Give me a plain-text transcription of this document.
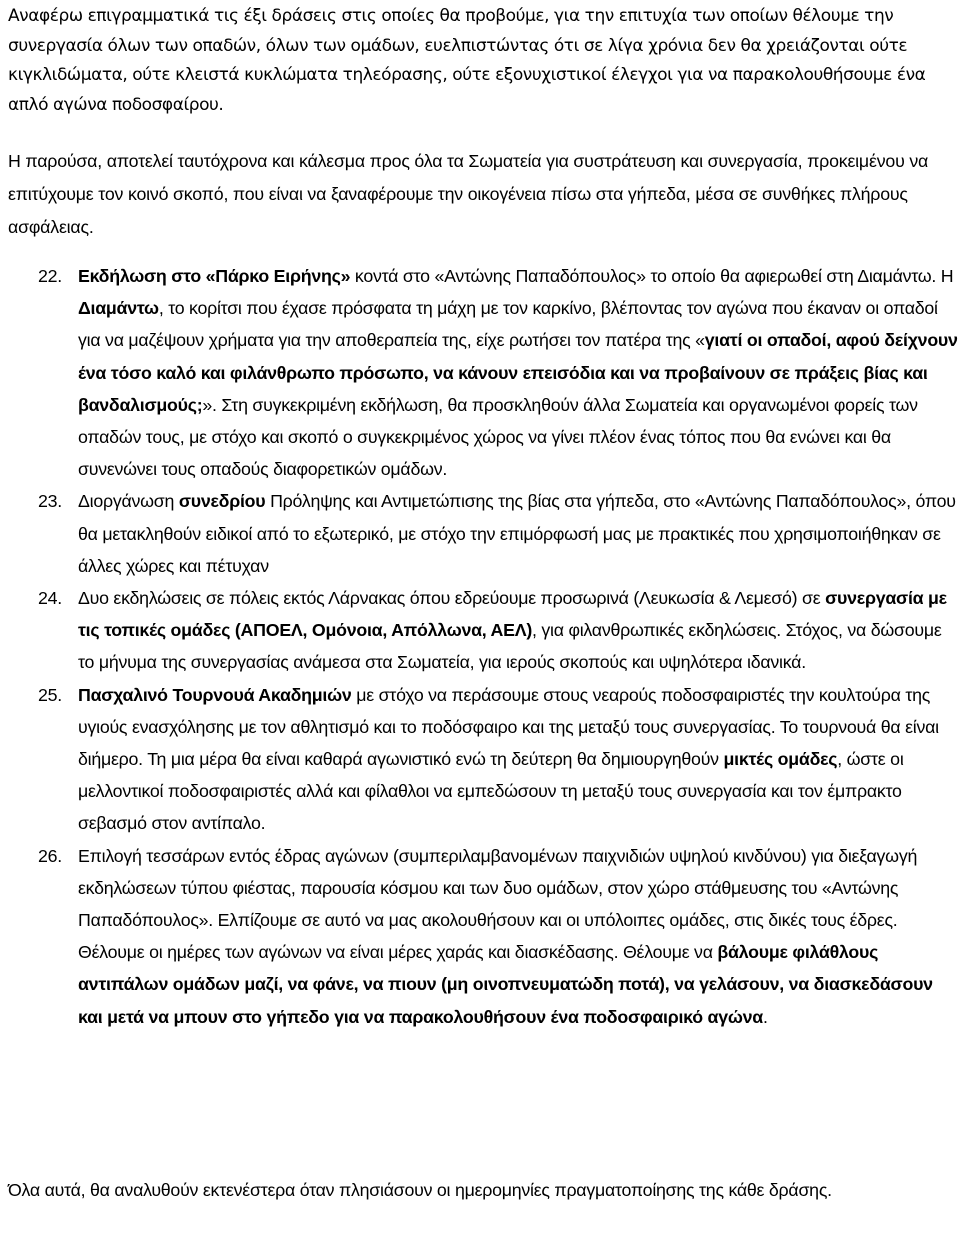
Αναφέρω επιγραμματικά τις έξι δράσεις στις οποίες θα προβούμε, για την επιτυχία των οποίων θέλουμε την συνεργασία όλων των οπαδών, όλων των ομάδων, ευελπιστώντας ότι σε λίγα χρόνια δεν θα χρειάζονται ούτε κιγκλιδώματα, ούτε κλειστά κυκλώματα τηλεόρασης, ούτε εξονυχιστικοί έλεγχοι για να παρακολουθήσουμε ένα απλό αγώνα ποδοσφαίρου.

Η παρούσα, αποτελεί ταυτόχρονα και κάλεσμα προς όλα τα Σωματεία για συστράτευση και συνεργασία, προκειμένου να επιτύχουμε τον κοινό σκοπό, που είναι να ξαναφέρουμε την οικογένεια πίσω στα γήπεδα, μέσα σε συνθήκες πλήρους ασφάλειας.

22. Εκδήλωση στο «Πάρκο Ειρήνης» κοντά στο «Αντώνης Παπαδόπουλος» το οποίο θα αφιερωθεί στη Διαμάντω. Η Διαμάντω, το κορίτσι που έχασε πρόσφατα τη μάχη με τον καρκίνο, βλέποντας τον αγώνα που έκαναν οι οπαδοί για να μαζέψουν χρήματα για την αποθεραπεία της, είχε ρωτήσει τον πατέρα της «γιατί οι οπαδοί, αφού δείχνουν ένα τόσο καλό και φιλάνθρωπο πρόσωπο, να κάνουν επεισόδια και να προβαίνουν σε πράξεις βίας και βανδαλισμούς;». Στη συγκεκριμένη εκδήλωση, θα προσκληθούν άλλα Σωματεία και οργανωμένοι φορείς των οπαδών τους, με στόχο και σκοπό ο συγκεκριμένος χώρος να γίνει πλέον ένας τόπος που θα ενώνει και θα συνενώνει τους οπαδούς διαφορετικών ομάδων.
23. Διοργάνωση συνεδρίου Πρόληψης και Αντιμετώπισης της βίας στα γήπεδα, στο «Αντώνης Παπαδόπουλος», όπου θα μετακληθούν ειδικοί από το εξωτερικό, με στόχο την επιμόρφωσή μας με πρακτικές που χρησιμοποιήθηκαν σε άλλες χώρες και πέτυχαν
24. Δυο εκδηλώσεις σε πόλεις εκτός Λάρνακας όπου εδρεύουμε προσωρινά (Λευκωσία & Λεμεσό) σε συνεργασία με τις τοπικές ομάδες (ΑΠΟΕΛ, Ομόνοια, Απόλλωνα, ΑΕΛ), για φιλανθρωπικές εκδηλώσεις. Στόχος, να δώσουμε το μήνυμα της συνεργασίας ανάμεσα στα Σωματεία, για ιερούς σκοπούς και υψηλότερα ιδανικά.
25. Πασχαλινό Τουρνουά Ακαδημιών με στόχο να περάσουμε στους νεαρούς ποδοσφαιριστές την κουλτούρα της υγιούς ενασχόλησης με τον αθλητισμό και το ποδόσφαιρο και της μεταξύ τους συνεργασίας. Το τουρνουά θα είναι διήμερο. Τη μια μέρα θα είναι καθαρά αγωνιστικό ενώ τη δεύτερη θα δημιουργηθούν μικτές ομάδες, ώστε οι μελλοντικοί ποδοσφαιριστές αλλά και φίλαθλοι να εμπεδώσουν τη μεταξύ τους συνεργασία και τον έμπρακτο σεβασμό στον αντίπαλο.
26. Επιλογή τεσσάρων εντός έδρας αγώνων (συμπεριλαμβανομένων παιχνιδιών υψηλού κινδύνου) για διεξαγωγή εκδηλώσεων τύπου φιέστας, παρουσία κόσμου και των δυο ομάδων, στον χώρο στάθμευσης του «Αντώνης Παπαδόπουλος». Ελπίζουμε σε αυτό να μας ακολουθήσουν και οι υπόλοιπες ομάδες, στις δικές τους έδρες. Θέλουμε οι ημέρες των αγώνων να είναι μέρες χαράς και διασκέδασης. Θέλουμε να βάλουμε φιλάθλους αντιπάλων ομάδων μαζί, να φάνε, να πιουν (μη οινοπνευματώδη ποτά), να γελάσουν, να διασκεδάσουν και μετά να μπουν στο γήπεδο για να παρακολουθήσουν ένα ποδοσφαιρικό αγώνα.

Όλα αυτά, θα αναλυθούν εκτενέστερα όταν πλησιάσουν οι ημερομηνίες πραγματοποίησης της κάθε δράσης.
